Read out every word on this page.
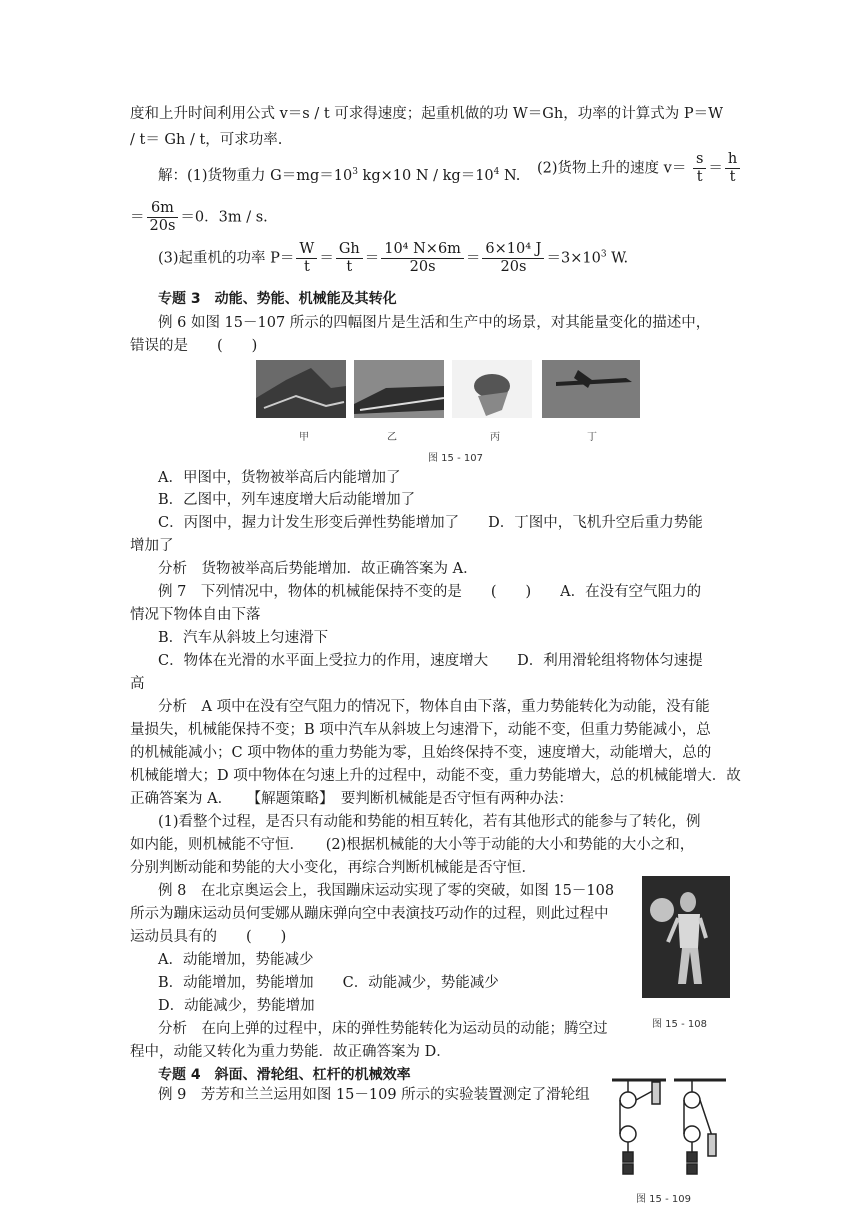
度和上升时间利用公式 v＝s / t 可求得速度；起重机做的功 W＝Gh，功率的计算式为 P＝W
/ t＝ Gh / t，可求功率.
解：(1)货物重力 $G=mg=10^3$ kg×10 $N / kg=10^4$ N. (2)货物上升的速度 $v= \frac{s}{t} = \frac{h}{t}$
＝ $\frac{6m}{20s} =0$．3m / s.
(3)起重机的功率 $P= \frac{W}{t} = \frac{Gh}{t} = \frac{\text{10⁴ N×6m}}{20s} = \frac{\text{6×10⁴ J}}{20s} =3\times 10^3$ W.
专题 3　动能、势能、机械能及其转化
例 6 如图 15－107 所示的四幅图片是生活和生产中的场景，对其能量变化的描述中，
错误的是　　(　　)
甲	乙	丙	丁
图 15 - 107
A．甲图中，货物被举高后内能增加了
B．乙图中，列车速度增大后动能增加了
C．丙图中，握力计发生形变后弹性势能增加了　　D．丁图中，飞机升空后重力势能
增加了
分析　货物被举高后势能增加．故正确答案为 A．
例 7　下列情况中，物体的机械能保持不变的是　　(　　)　　A．在没有空气阻力的
情况下物体自由下落
B．汽车从斜坡上匀速滑下
C．物体在光滑的水平面上受拉力的作用，速度增大　　D．利用滑轮组将物体匀速提
高
分析　A 项中在没有空气阻力的情况下，物体自由下落，重力势能转化为动能，没有能
量损失，机械能保持不变；B 项中汽车从斜坡上匀速滑下，动能不变，但重力势能减小，总
的机械能减小；C 项中物体的重力势能为零，且始终保持不变，速度增大，动能增大，总的
机械能增大；D 项中物体在匀速上升的过程中，动能不变，重力势能增大，总的机械能增大．故
正确答案为 A．　　【解题策略】　要判断机械能是否守恒有两种办法：
(1)看整个过程，是否只有动能和势能的相互转化，若有其他形式的能参与了转化，例
如内能，则机械能不守恒．　　(2)根据机械能的大小等于动能的大小和势能的大小之和，
分别判断动能和势能的大小变化，再综合判断机械能是否守恒．
例 8　在北京奥运会上，我国蹦床运动实现了零的突破，如图 15－108
所示为蹦床运动员何雯娜从蹦床弹向空中表演技巧动作的过程，则此过程中
运动员具有的　　(　　)
A．动能增加，势能减少
B．动能增加，势能增加　　C．动能减少，势能减少
D．动能减少，势能增加
分析　在向上弹的过程中，床的弹性势能转化为运动员的动能；腾空过
程中，动能又转化为重力势能．故正确答案为 D．
图 15 - 108
专题 4　斜面、滑轮组、杠杆的机械效率
例 9　芳芳和兰兰运用如图 15－109 所示的实验装置测定了滑轮组
图 15 - 109
